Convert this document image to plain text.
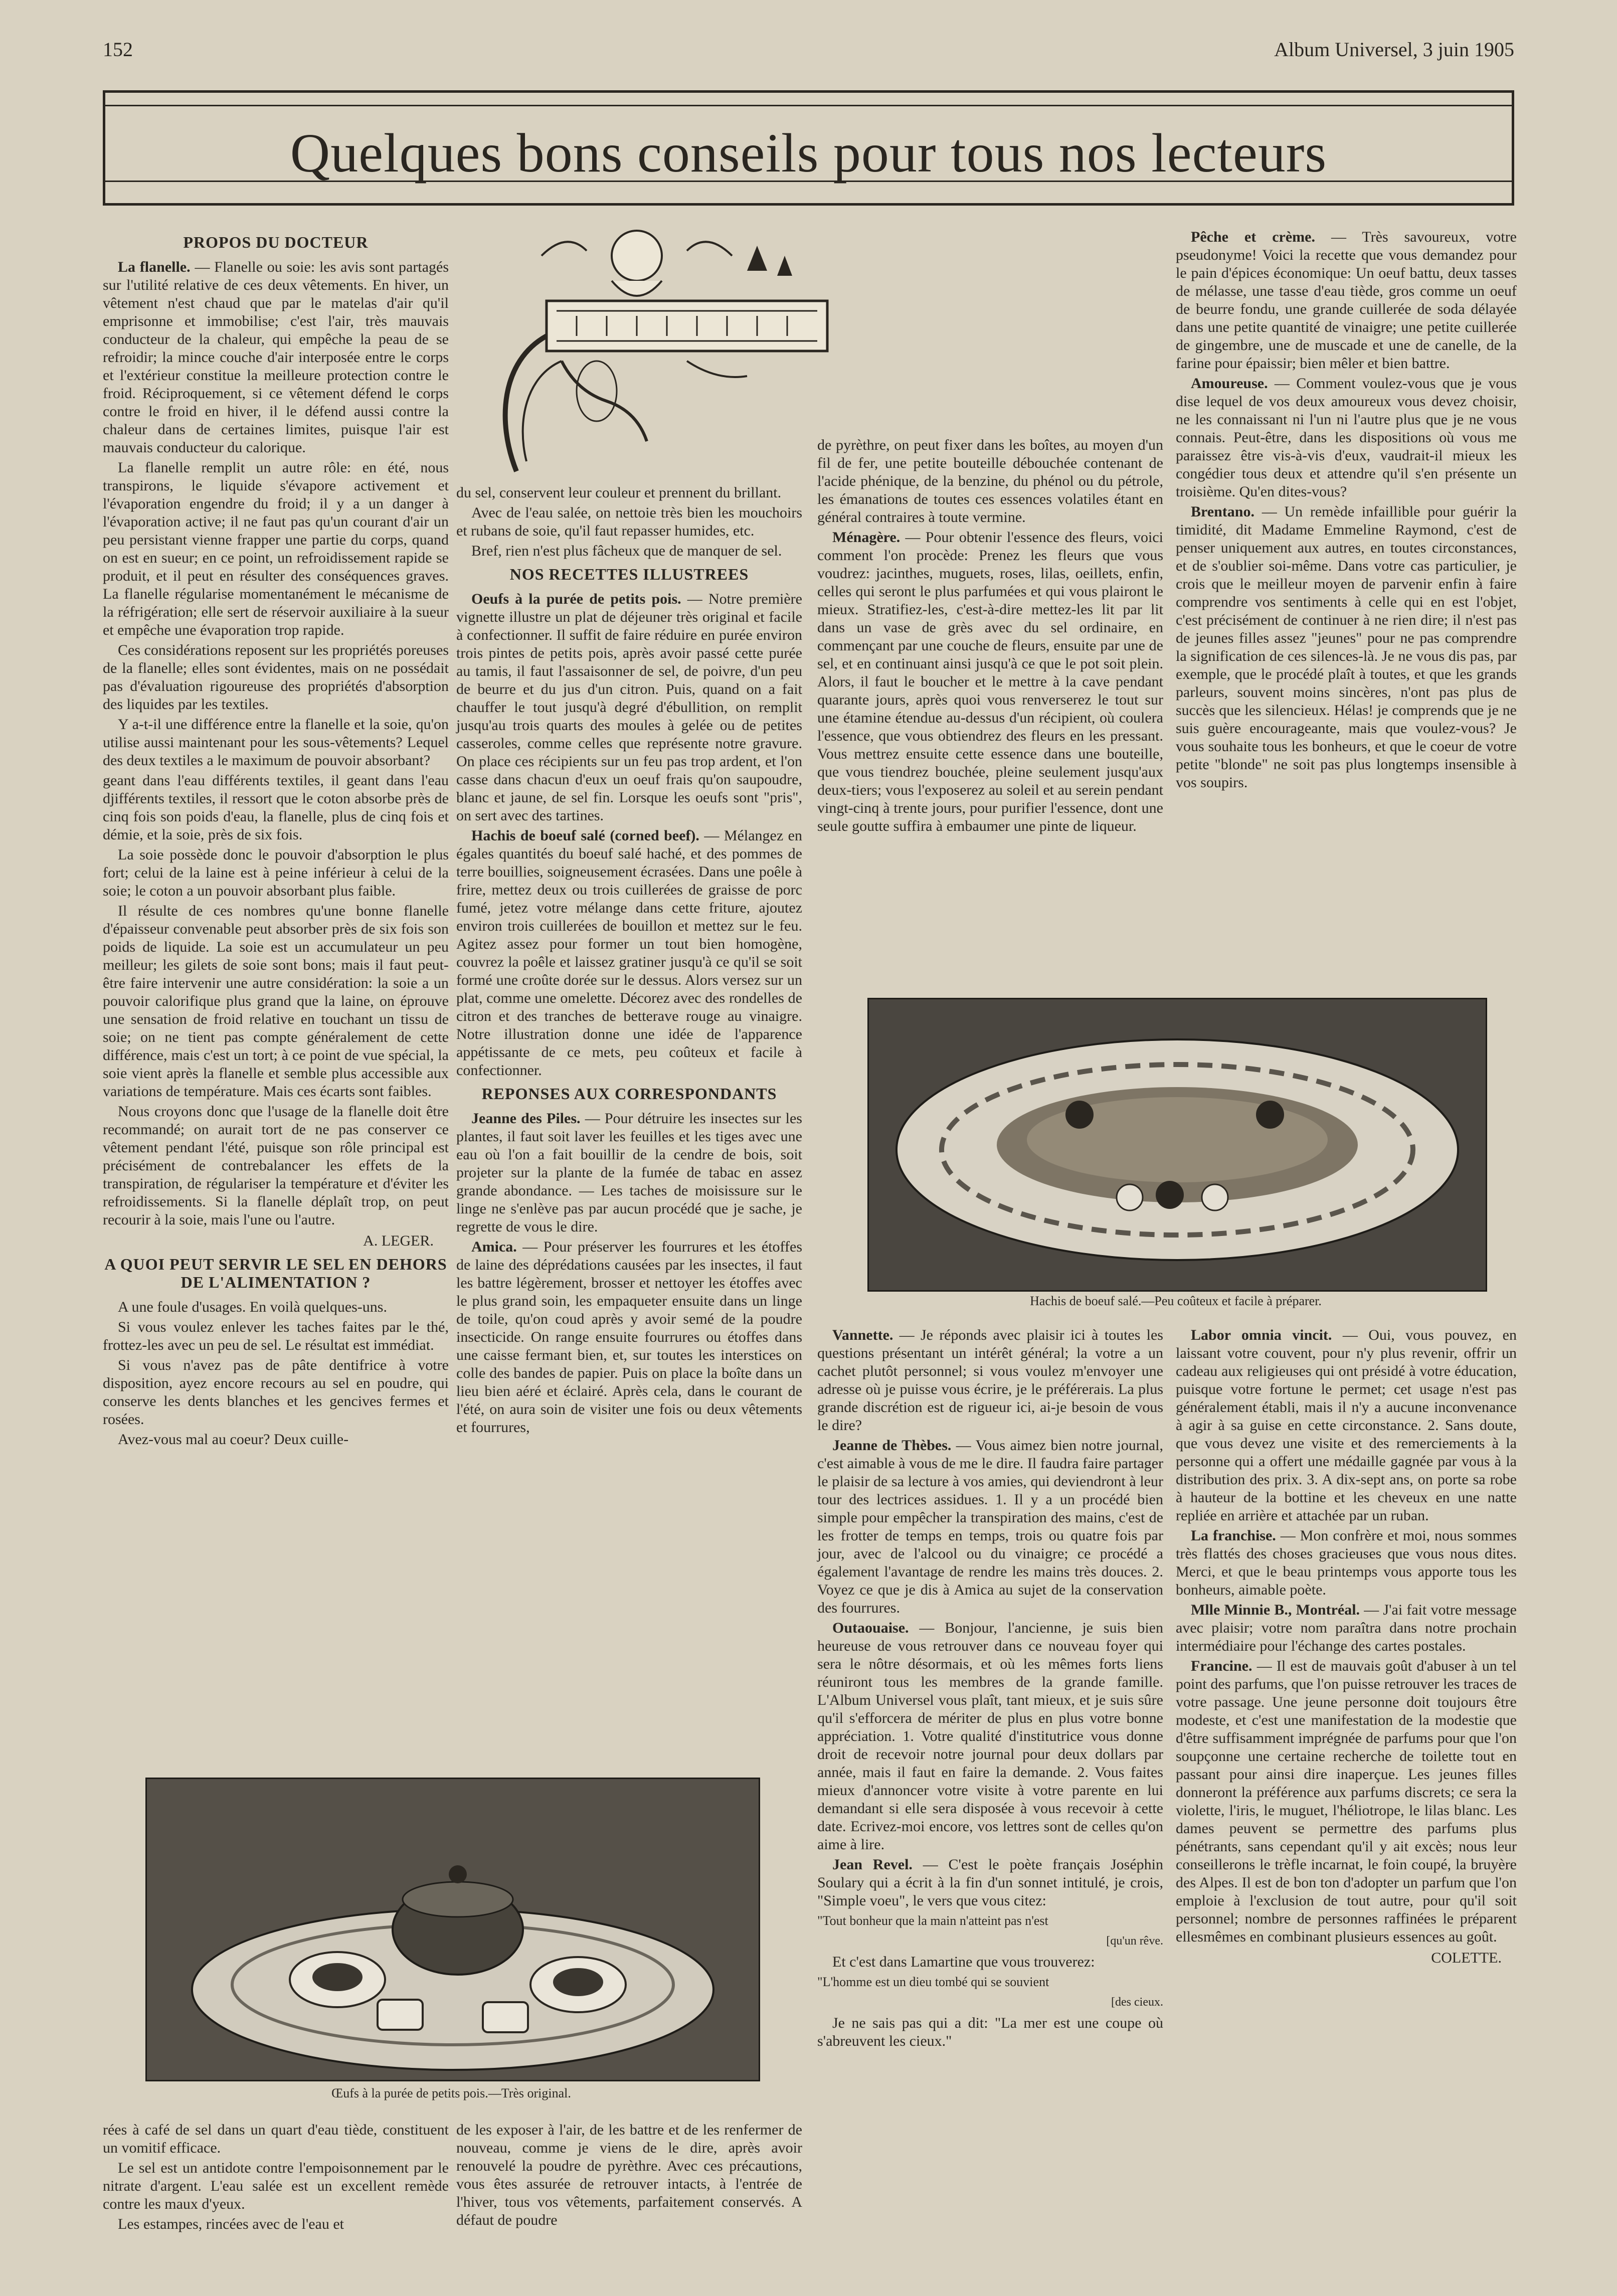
152	Album Universel, 3 juin 1905
Quelques bons conseils pour tous nos lecteurs
PROPOS DU DOCTEUR

La flanelle. — Flanelle ou soie: les avis sont partagés sur l'utilité relative de ces deux vêtements. En hiver, un vêtement n'est chaud que par le matelas d'air qu'il emprisonne et immobilise; c'est l'air, très mauvais conducteur de la chaleur, qui empêche la peau de se refroidir; la mince couche d'air interposée entre le corps et l'extérieur constitue la meilleure protection contre le froid. Réciproquement, si ce vêtement défend le corps contre le froid en hiver, il le défend aussi contre la chaleur dans de certaines limites, puisque l'air est mauvais conducteur du calorique.

La flanelle remplit un autre rôle: en été, nous transpirons, le liquide s'évapore activement et l'évaporation engendre du froid; il y a un danger à l'évaporation active; il ne faut pas qu'un courant d'air un peu persistant vienne frapper une partie du corps, quand on est en sueur; en ce point, un refroidissement rapide se produit, et il peut en résulter des conséquences graves. La flanelle régularise momentanément le mécanisme de la réfrigération; elle sert de réservoir auxiliaire à la sueur et empêche une évaporation trop rapide.

Ces considérations reposent sur les propriétés poreuses de la flanelle; elles sont évidentes, mais on ne possédait pas d'évaluation rigoureuse des propriétés d'absorption des liquides par les textiles.

Y a-t-il une différence entre la flanelle et la soie, qu'on utilise aussi maintenant pour les sous-vêtements? Lequel des deux textiles a le maximum de pouvoir absorbant?

geant dans l'eau différents textiles, il geant dans l'eau djifférents textiles, il ressort que le coton absorbe près de cinq fois son poids d'eau, la flanelle, plus de cinq fois et démie, et la soie, près de six fois.

La soie possède donc le pouvoir d'absorption le plus fort; celui de la laine est à peine inférieur à celui de la soie; le coton a un pouvoir absorbant plus faible.

Il résulte de ces nombres qu'une bonne flanelle d'épaisseur convenable peut absorber près de six fois son poids de liquide. La soie est un accumulateur un peu meilleur; les gilets de soie sont bons; mais il faut peut-être faire intervenir une autre considération: la soie a un pouvoir calorifique plus grand que la laine, on éprouve une sensation de froid relative en touchant un tissu de soie; on ne tient pas compte généralement de cette différence, mais c'est un tort; à ce point de vue spécial, la soie vient après la flanelle et semble plus accessible aux variations de température. Mais ces écarts sont faibles.

Nous croyons donc que l'usage de la flanelle doit être recommandé; on aurait tort de ne pas conserver ce vêtement pendant l'été, puisque son rôle principal est précisément de contrebalancer les effets de la transpiration, de régulariser la température et d'éviter les refroidissements. Si la flanelle déplaît trop, on peut recourir à la soie, mais l'une ou l'autre.

A. LEGER.
A QUOI PEUT SERVIR LE SEL EN DEHORS DE L'ALIMENTATION ?

A une foule d'usages. En voilà quelques-uns.

Si vous voulez enlever les taches faites par le thé, frottez-les avec un peu de sel. Le résultat est immédiat.

Si vous n'avez pas de pâte dentifrice à votre disposition, ayez encore recours au sel en poudre, qui conserve les dents blanches et les gencives fermes et rosées.

Avez-vous mal au coeur? Deux cuille-

du sel, conservent leur couleur et prennent du brillant.

Avec de l'eau salée, on nettoie très bien les mouchoirs et rubans de soie, qu'il faut repasser humides, etc.

Bref, rien n'est plus fâcheux que de manquer de sel.

NOS RECETTES ILLUSTREES

Oeufs à la purée de petits pois. — Notre première vignette illustre un plat de déjeuner très original et facile à confectionner. Il suffit de faire réduire en purée environ trois pintes de petits pois, après avoir passé cette purée au tamis, il faut l'assaisonner de sel, de poivre, d'un peu de beurre et du jus d'un citron. Puis, quand on a fait chauffer le tout jusqu'à degré d'ébullition, on remplit jusqu'au trois quarts des moules à gelée ou de petites casseroles, comme celles que représente notre gravure. On place ces récipients sur un feu pas trop ardent, et l'on casse dans chacun d'eux un oeuf frais qu'on saupoudre, blanc et jaune, de sel fin. Lorsque les oeufs sont "pris", on sert avec des tartines.

Hachis de boeuf salé (corned beef). — Mélangez en égales quantités du boeuf salé haché, et des pommes de terre bouillies, soigneusement écrasées. Dans une poêle à frire, mettez deux ou trois cuillerées de graisse de porc fumé, jetez votre mélange dans cette friture, ajoutez environ trois cuillerées de bouillon et mettez sur le feu. Agitez assez pour former un tout bien homogène, couvrez la poêle et laissez gratiner jusqu'à ce qu'il se soit formé une croûte dorée sur le dessus. Alors versez sur un plat, comme une omelette. Décorez avec des rondelles de citron et des tranches de betterave rouge au vinaigre. Notre illustration donne une idée de l'apparence appétissante de ce mets, peu coûteux et facile à confectionner.

REPONSES AUX CORRESPONDANTS

Jeanne des Piles. — Pour détruire les insectes sur les plantes, il faut soit laver les feuilles et les tiges avec une eau où l'on a fait bouillir de la cendre de bois, soit projeter sur la plante de la fumée de tabac en assez grande abondance. — Les taches de moisissure sur le linge ne s'enlève pas par aucun procédé que je sache, je regrette de vous le dire.

Amica. — Pour préserver les fourrures et les étoffes de laine des déprédations causées par les insectes, il faut les battre légèrement, brosser et nettoyer les étoffes avec le plus grand soin, les empaqueter ensuite dans un linge de toile, qu'on coud après y avoir semé de la poudre insecticide. On range ensuite fourrures ou étoffes dans une caisse fermant bien, et, sur toutes les interstices on colle des bandes de papier. Puis on place la boîte dans un lieu bien aéré et éclairé. Après cela, dans le courant de l'été, on aura soin de visiter une fois ou deux vêtements et fourrures,

de pyrèthre, on peut fixer dans les boîtes, au moyen d'un fil de fer, une petite bouteille débouchée contenant de l'acide phénique, de la benzine, du phénol ou du pétrole, les émanations de toutes ces essences volatiles étant en général contraires à toute vermine.

Ménagère. — Pour obtenir l'essence des fleurs, voici comment l'on procède: Prenez les fleurs que vous voudrez: jacinthes, muguets, roses, lilas, oeillets, enfin, celles qui seront le plus parfumées et qui vous plairont le mieux. Stratifiez-les, c'est-à-dire mettez-les lit par lit dans un vase de grès avec du sel ordinaire, en commençant par une couche de fleurs, ensuite par une de sel, et en continuant ainsi jusqu'à ce que le pot soit plein. Alors, il faut le boucher et le mettre à la cave pendant quarante jours, après quoi vous renverserez le tout sur une étamine étendue au-dessus d'un récipient, où coulera l'essence, que vous obtiendrez des fleurs en les pressant. Vous mettrez ensuite cette essence dans une bouteille, que vous tiendrez bouchée, pleine seulement jusqu'aux deux-tiers; vous l'exposerez au soleil et au serein pendant vingt-cinq à trente jours, pour purifier l'essence, dont une seule goutte suffira à embaumer une pinte de liqueur.

Pêche et crème. — Très savoureux, votre pseudonyme! Voici la recette que vous demandez pour le pain d'épices économique: Un oeuf battu, deux tasses de mélasse, une tasse d'eau tiède, gros comme un oeuf de beurre fondu, une grande cuillerée de soda délayée dans une petite quantité de vinaigre; une petite cuillerée de gingembre, une de muscade et une de canelle, de la farine pour épaissir; bien mêler et bien battre.

Amoureuse. — Comment voulez-vous que je vous dise lequel de vos deux amoureux vous devez choisir, ne les connaissant ni l'un ni l'autre plus que je ne vous connais. Peut-être, dans les dispositions où vous me paraissez être vis-à-vis d'eux, vaudrait-il mieux les congédier tous deux et attendre qu'il s'en présente un troisième. Qu'en dites-vous?

Brentano. — Un remède infaillible pour guérir la timidité, dit Madame Emmeline Raymond, c'est de penser uniquement aux autres, en toutes circonstances, et de s'oublier soi-même. Dans votre cas particulier, je crois que le meilleur moyen de parvenir enfin à faire comprendre vos sentiments à celle qui en est l'objet, c'est précisément de continuer à ne rien dire; il n'est pas de jeunes filles assez "jeunes" pour ne pas comprendre la signification de ces silences-là. Je ne vous dis pas, par exemple, que le procédé plaît à toutes, et que les grands parleurs, souvent moins sincères, n'ont pas plus de succès que les silencieux. Hélas! je comprends que je ne suis guère encourageante, mais que voulez-vous? Je vous souhaite tous les bonheurs, et que le coeur de votre petite "blonde" ne soit pas plus longtemps insensible à vos soupirs.

Hachis de boeuf salé.—Peu coûteux et facile à préparer.

Vannette. — Je réponds avec plaisir ici à toutes les questions présentant un intérêt général; la votre a un cachet plutôt personnel; si vous voulez m'envoyer une adresse où je puisse vous écrire, je le préférerais. La plus grande discrétion est de rigueur ici, ai-je besoin de vous le dire?

Jeanne de Thèbes. — Vous aimez bien notre journal, c'est aimable à vous de me le dire. Il faudra faire partager le plaisir de sa lecture à vos amies, qui deviendront à leur tour des lectrices assidues. 1. Il y a un procédé bien simple pour empêcher la transpiration des mains, c'est de les frotter de temps en temps, trois ou quatre fois par jour, avec de l'alcool ou du vinaigre; ce procédé a également l'avantage de rendre les mains très douces. 2. Voyez ce que je dis à Amica au sujet de la conservation des fourrures.

Outaouaise. — Bonjour, l'ancienne, je suis bien heureuse de vous retrouver dans ce nouveau foyer qui sera le nôtre désormais, et où les mêmes forts liens réuniront tous les membres de la grande famille. L'Album Universel vous plaît, tant mieux, et je suis sûre qu'il s'efforcera de mériter de plus en plus votre bonne appréciation. 1. Votre qualité d'institutrice vous donne droit de recevoir notre journal pour deux dollars par année, mais il faut en faire la demande. 2. Vous faites mieux d'annoncer votre visite à votre parente en lui demandant si elle sera disposée à vous recevoir à cette date. Ecrivez-moi encore, vos lettres sont de celles qu'on aime à lire.

Jean Revel. — C'est le poète français Joséphin Soulary qui a écrit à la fin d'un sonnet intitulé, je crois, "Simple voeu", le vers que vous citez:

"Tout bonheur que la main n'atteint pas n'est
[qu'un rêve.

Et c'est dans Lamartine que vous trouverez:

"L'homme est un dieu tombé qui se souvient
[des cieux.

Je ne sais pas qui a dit: "La mer est une coupe où s'abreuvent les cieux."

Labor omnia vincit. — Oui, vous pouvez, en laissant votre couvent, pour n'y plus revenir, offrir un cadeau aux religieuses qui ont présidé à votre éducation, puisque votre fortune le permet; cet usage n'est pas généralement établi, mais il n'y a aucune inconvenance à agir à sa guise en cette circonstance. 2. Sans doute, que vous devez une visite et des remerciements à la personne qui a offert une médaille gagnée par vous à la distribution des prix. 3. A dix-sept ans, on porte sa robe à hauteur de la bottine et les cheveux en une natte repliée en arrière et attachée par un ruban.

La franchise. — Mon confrère et moi, nous sommes très flattés des choses gracieuses que vous nous dites. Merci, et que le beau printemps vous apporte tous les bonheurs, aimable poète.

Mlle Minnie B., Montréal. — J'ai fait votre message avec plaisir; votre nom paraîtra dans notre prochain intermédiaire pour l'échange des cartes postales.

Francine. — Il est de mauvais goût d'abuser à un tel point des parfums, que l'on puisse retrouver les traces de votre passage. Une jeune personne doit toujours être modeste, et c'est une manifestation de la modestie que d'être suffisamment imprégnée de parfums pour que l'on soupçonne une certaine recherche de toilette tout en passant pour ainsi dire inaperçue. Les jeunes filles donneront la préférence aux parfums discrets; ce sera la violette, l'iris, le muguet, l'héliotrope, le lilas blanc. Les dames peuvent se permettre des parfums plus pénétrants, sans cependant qu'il y ait excès; nous leur conseillerons le trèfle incarnat, le foin coupé, la bruyère des Alpes. Il est de bon ton d'adopter un parfum que l'on emploie à l'exclusion de tout autre, pour qu'il soit personnel; nombre de personnes raffinées le préparent ellesmêmes en combinant plusieurs essences au goût.

COLETTE.
Œufs à la purée de petits pois.—Très original.

rées à café de sel dans un quart d'eau tiède, constituent un vomitif efficace.

Le sel est un antidote contre l'empoisonnement par le nitrate d'argent. L'eau salée est un excellent remède contre les maux d'yeux.

Les estampes, rincées avec de l'eau et

de les exposer à l'air, de les battre et de les renfermer de nouveau, comme je viens de le dire, après avoir renouvelé la poudre de pyrèthre. Avec ces précautions, vous êtes assurée de retrouver intacts, à l'entrée de l'hiver, tous vos vêtements, parfaitement conservés. A défaut de poudre
